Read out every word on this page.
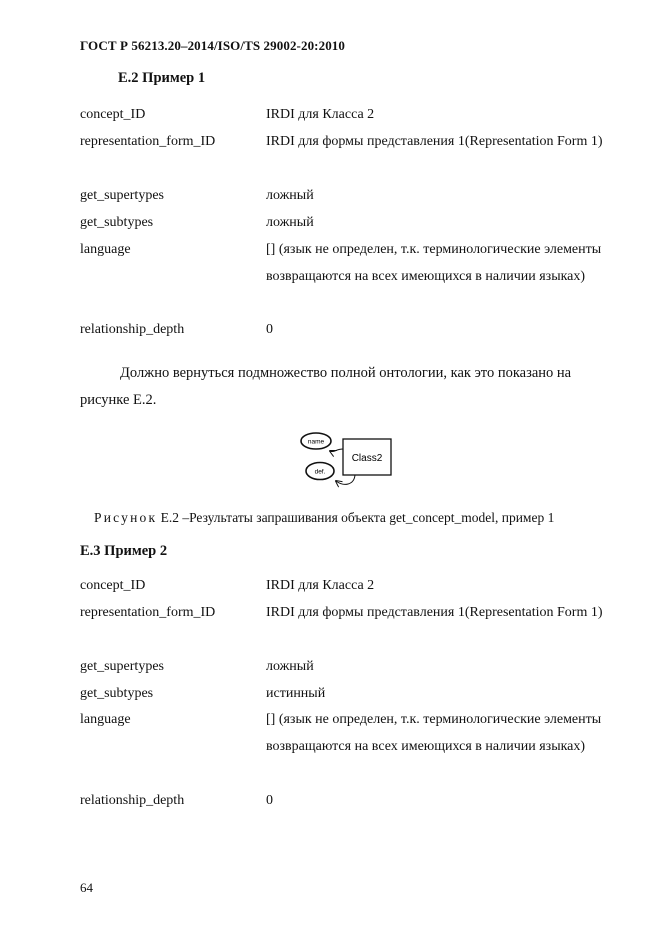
ГОСТ Р 56213.20–2014/ISO/TS 29002-20:2010
Е.2 Пример 1
concept_ID	IRDI для Класса 2
representation_form_ID	IRDI для формы представления 1(Representation Form 1)
get_supertypes	ложный
get_subtypes	ложный
language	[] (язык не определен, т.к. терминологические элементы возвращаются на всех имеющихся в наличии языках)
relationship_depth	0
Должно вернуться подмножество полной онтологии, как это показано на рисунке Е.2.
name
def.
Class2
Рисунок Е.2 –Результаты запрашивания объекта get_concept_model, пример 1
Е.3 Пример 2
concept_ID	IRDI для Класса 2
representation_form_ID	IRDI для формы представления 1(Representation Form 1)
get_supertypes	ложный
get_subtypes	истинный
language	[] (язык не определен, т.к. терминологические элементы возвращаются на всех имеющихся в наличии языках)
relationship_depth	0
64
